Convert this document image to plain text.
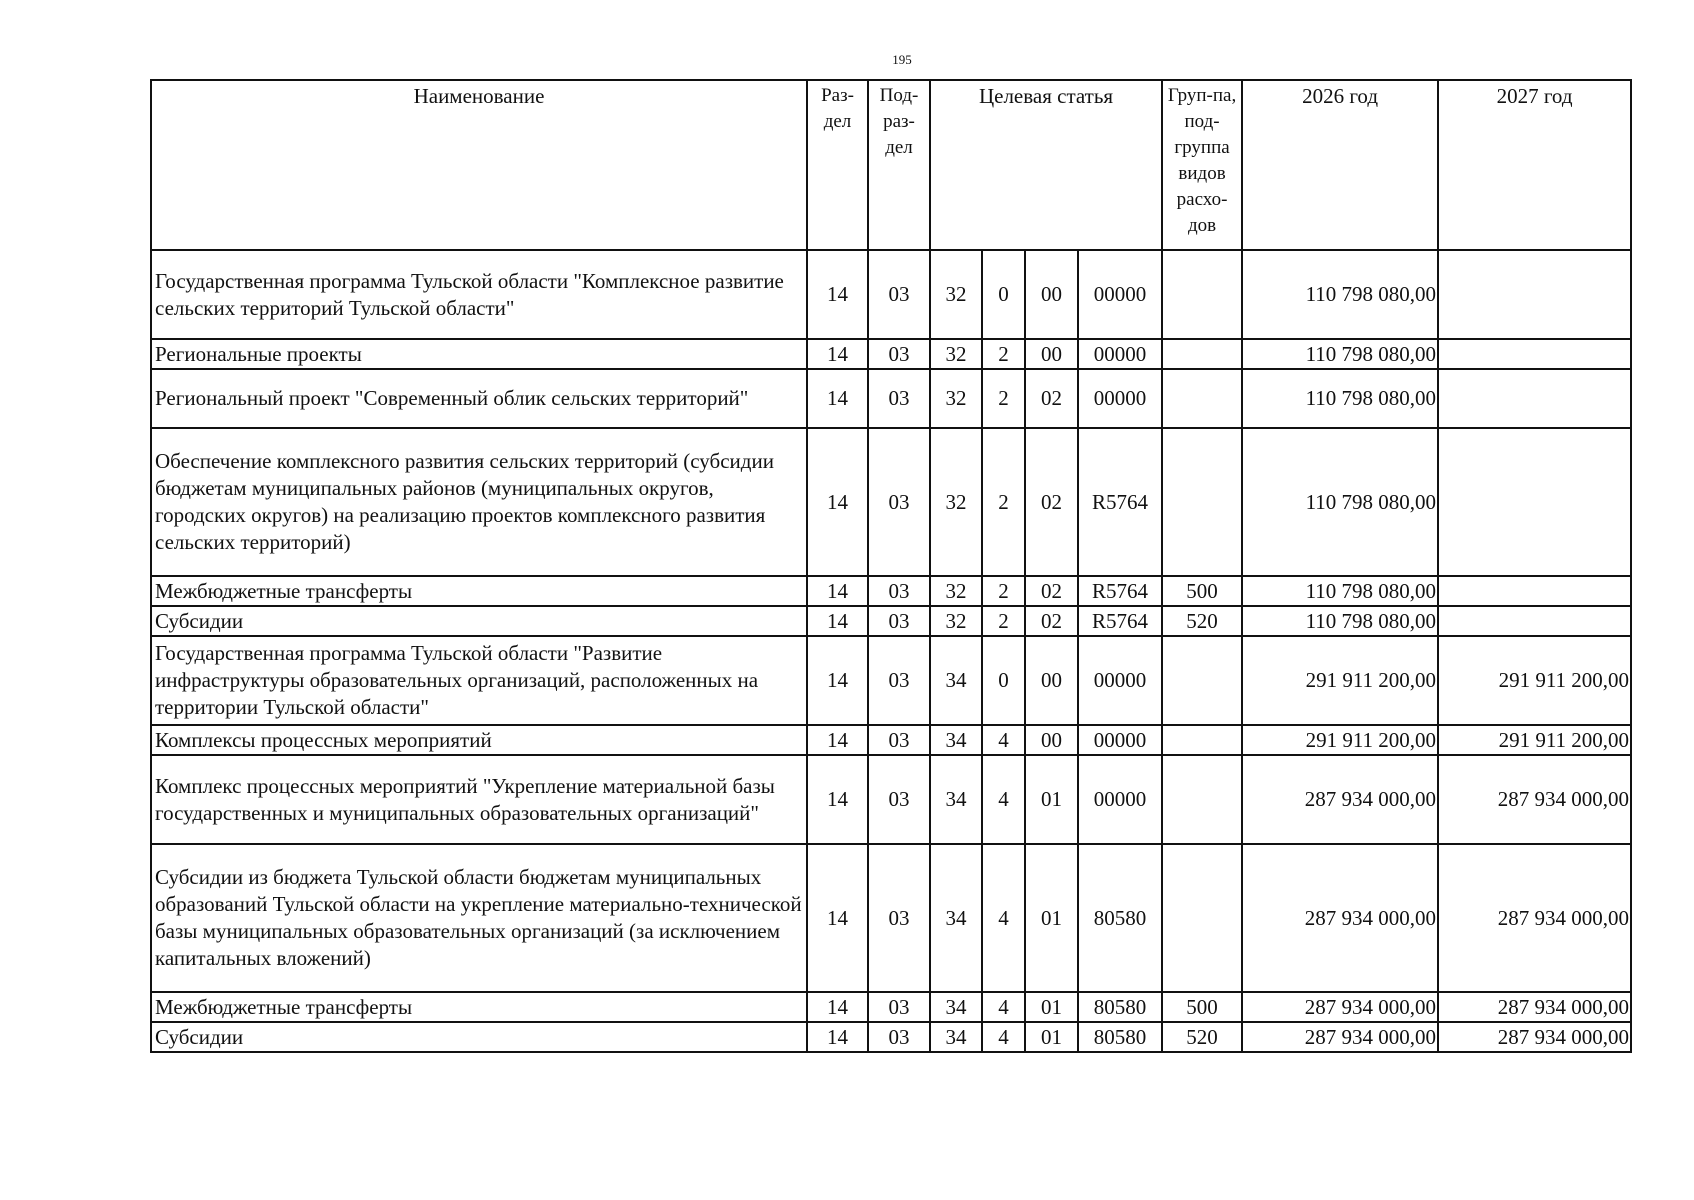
195
Наименование	Раз-дел	Под-раз-дел	Целевая статья				Груп-па, под-группа видов расхо-дов	2026 год	2027 год
Государственная программа Тульской области "Комплексное развитие сельских территорий Тульской области"	14	03	32	0	00	00000		110 798 080,00	
Региональные проекты	14	03	32	2	00	00000		110 798 080,00	
Региональный проект "Современный облик сельских территорий"	14	03	32	2	02	00000		110 798 080,00	
Обеспечение комплексного развития сельских территорий (субсидии бюджетам муниципальных районов (муниципальных округов, городских округов) на реализацию проектов комплексного развития сельских территорий)	14	03	32	2	02	R5764		110 798 080,00	
Межбюджетные трансферты	14	03	32	2	02	R5764	500	110 798 080,00	
Субсидии	14	03	32	2	02	R5764	520	110 798 080,00	
Государственная программа Тульской области "Развитие инфраструктуры образовательных организаций, расположенных на территории Тульской области"	14	03	34	0	00	00000		291 911 200,00	291 911 200,00
Комплексы процессных мероприятий	14	03	34	4	00	00000		291 911 200,00	291 911 200,00
Комплекс процессных мероприятий "Укрепление материальной базы государственных и муниципальных образовательных организаций"	14	03	34	4	01	00000		287 934 000,00	287 934 000,00
Субсидии из бюджета Тульской области бюджетам муниципальных образований Тульской области на укрепление материально-технической базы муниципальных образовательных организаций (за исключением капитальных вложений)	14	03	34	4	01	80580		287 934 000,00	287 934 000,00
Межбюджетные трансферты	14	03	34	4	01	80580	500	287 934 000,00	287 934 000,00
Субсидии	14	03	34	4	01	80580	520	287 934 000,00	287 934 000,00
